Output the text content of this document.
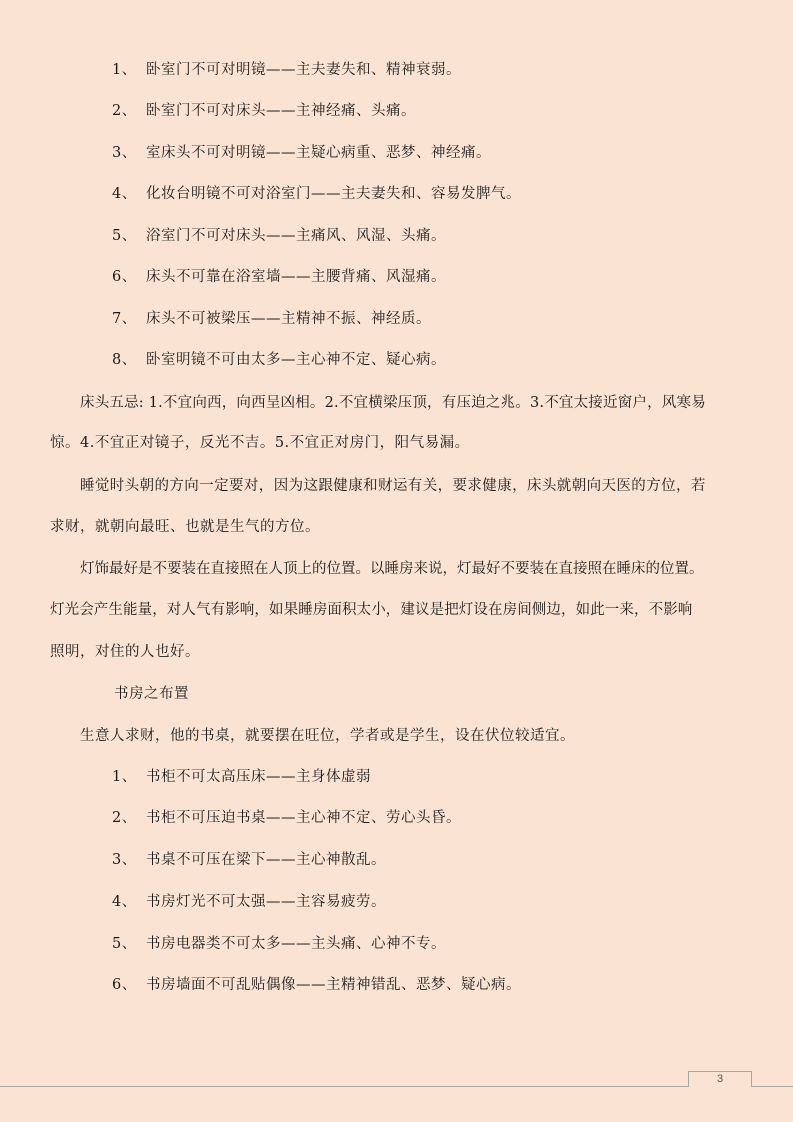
1、 卧室门不可对明镜——主夫妻失和、精神衰弱。
2、 卧室门不可对床头——主神经痛、头痛。
3、 室床头不可对明镜——主疑心病重、恶梦、神经痛。
4、 化妆台明镜不可对浴室门——主夫妻失和、容易发脾气。
5、 浴室门不可对床头——主痛风、风湿、头痛。
6、 床头不可靠在浴室墙——主腰背痛、风湿痛。
7、 床头不可被梁压——主精神不振、神经质。
8、 卧室明镜不可由太多—主心神不定、疑心病。
床头五忌: 1.不宜向西，向西呈凶相。2.不宜横梁压顶，有压迫之兆。3.不宜太接近窗户，风寒易
惊。4.不宜正对镜子，反光不吉。5.不宜正对房门，阳气易漏。
睡觉时头朝的方向一定要对，因为这跟健康和财运有关，要求健康，床头就朝向天医的方位，若
求财，就朝向最旺、也就是生气的方位。
灯饰最好是不要装在直接照在人顶上的位置。以睡房来说，灯最好不要装在直接照在睡床的位置。
灯光会产生能量，对人气有影响，如果睡房面积太小，建议是把灯设在房间侧边，如此一来，不影响
照明，对住的人也好。
书房之布置
生意人求财，他的书桌，就要摆在旺位，学者或是学生，设在伏位较适宜。
1、 书柜不可太高压床——主身体虚弱
2、 书柜不可压迫书桌——主心神不定、劳心头昏。
3、 书桌不可压在梁下——主心神散乱。
4、 书房灯光不可太强——主容易疲劳。
5、 书房电器类不可太多——主头痛、心神不专。
6、 书房墙面不可乱贴偶像——主精神错乱、恶梦、疑心病。
3
